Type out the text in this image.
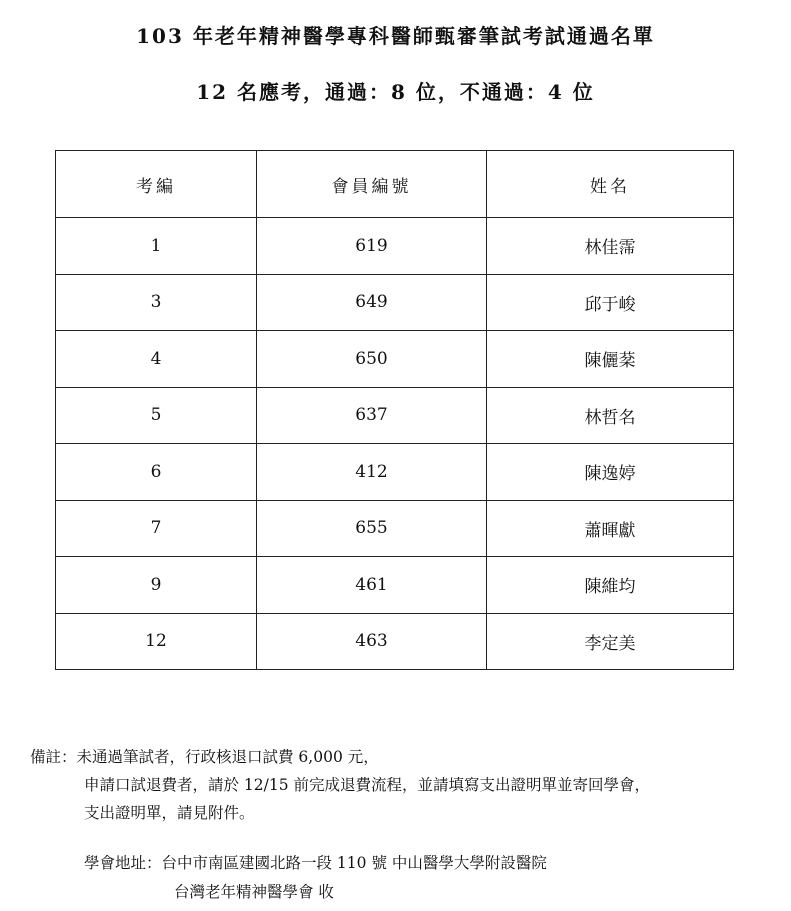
103 年老年精神醫學專科醫師甄審筆試考試通過名單
12 名應考，通過：8 位，不通過：4 位
考編	會員編號	姓名
1	619	林佳霈
3	649	邱于峻
4	650	陳儷棻
5	637	林哲名
6	412	陳逸婷
7	655	蕭暉獻
9	461	陳維均
12	463	李定美
備註：未通過筆試者，行政核退口試費 6,000 元，
申請口試退費者，請於 12/15 前完成退費流程，並請填寫支出證明單並寄回學會，
支出證明單，請見附件。
學會地址：台中市南區建國北路一段 110 號 中山醫學大學附設醫院
台灣老年精神醫學會 收
